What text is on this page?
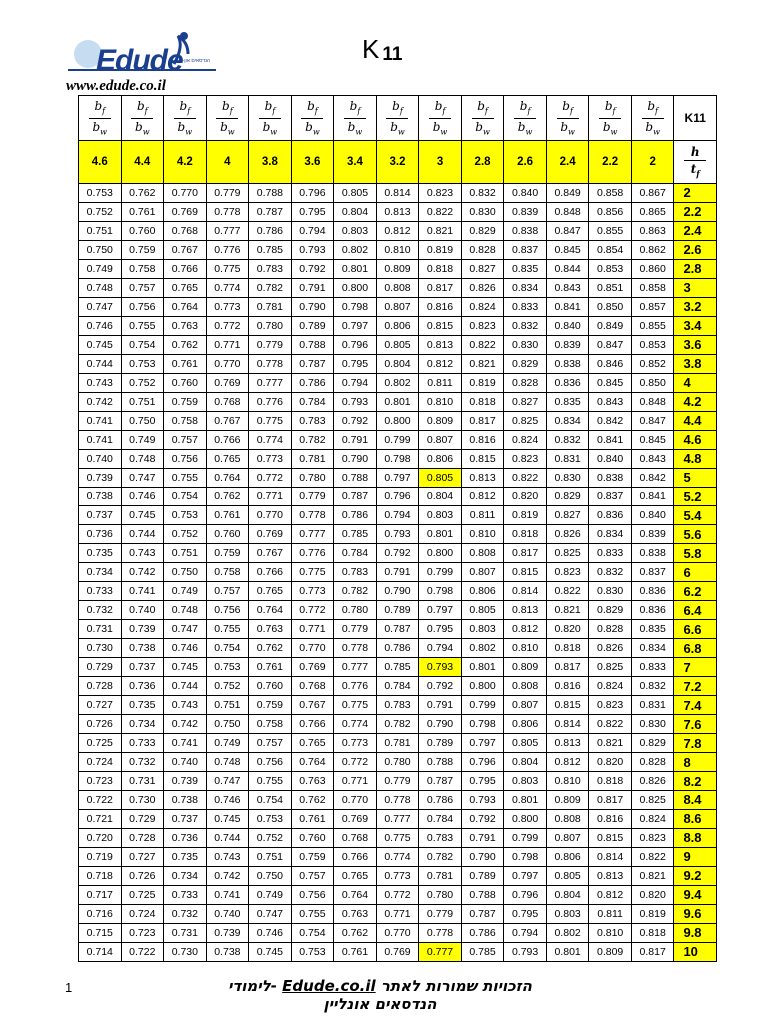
Edude
הנדסאים און-ליין
www.edude.co.il
K 11
$\frac{b_f}{b_w}$	$\frac{b_f}{b_w}$	$\frac{b_f}{b_w}$	$\frac{b_f}{b_w}$	$\frac{b_f}{b_w}$	$\frac{b_f}{b_w}$	$\frac{b_f}{b_w}$	$\frac{b_f}{b_w}$	$\frac{b_f}{b_w}$	$\frac{b_f}{b_w}$	$\frac{b_f}{b_w}$	$\frac{b_f}{b_w}$	$\frac{b_f}{b_w}$	$\frac{b_f}{b_w}$	K11
4.6	4.4	4.2	4	3.8	3.6	3.4	3.2	3	2.8	2.6	2.4	2.2	2	$\frac{h}{t_f}$

0.753	0.762	0.770	0.779	0.788	0.796	0.805	0.814	0.823	0.832	0.840	0.849	0.858	0.867	2
0.752	0.761	0.769	0.778	0.787	0.795	0.804	0.813	0.822	0.830	0.839	0.848	0.856	0.865	2.2
0.751	0.760	0.768	0.777	0.786	0.794	0.803	0.812	0.821	0.829	0.838	0.847	0.855	0.863	2.4
0.750	0.759	0.767	0.776	0.785	0.793	0.802	0.810	0.819	0.828	0.837	0.845	0.854	0.862	2.6
0.749	0.758	0.766	0.775	0.783	0.792	0.801	0.809	0.818	0.827	0.835	0.844	0.853	0.860	2.8
0.748	0.757	0.765	0.774	0.782	0.791	0.800	0.808	0.817	0.826	0.834	0.843	0.851	0.858	3
0.747	0.756	0.764	0.773	0.781	0.790	0.798	0.807	0.816	0.824	0.833	0.841	0.850	0.857	3.2
0.746	0.755	0.763	0.772	0.780	0.789	0.797	0.806	0.815	0.823	0.832	0.840	0.849	0.855	3.4
0.745	0.754	0.762	0.771	0.779	0.788	0.796	0.805	0.813	0.822	0.830	0.839	0.847	0.853	3.6
0.744	0.753	0.761	0.770	0.778	0.787	0.795	0.804	0.812	0.821	0.829	0.838	0.846	0.852	3.8
0.743	0.752	0.760	0.769	0.777	0.786	0.794	0.802	0.811	0.819	0.828	0.836	0.845	0.850	4
0.742	0.751	0.759	0.768	0.776	0.784	0.793	0.801	0.810	0.818	0.827	0.835	0.843	0.848	4.2
0.741	0.750	0.758	0.767	0.775	0.783	0.792	0.800	0.809	0.817	0.825	0.834	0.842	0.847	4.4
0.741	0.749	0.757	0.766	0.774	0.782	0.791	0.799	0.807	0.816	0.824	0.832	0.841	0.845	4.6
0.740	0.748	0.756	0.765	0.773	0.781	0.790	0.798	0.806	0.815	0.823	0.831	0.840	0.843	4.8
0.739	0.747	0.755	0.764	0.772	0.780	0.788	0.797	0.805	0.813	0.822	0.830	0.838	0.842	5
0.738	0.746	0.754	0.762	0.771	0.779	0.787	0.796	0.804	0.812	0.820	0.829	0.837	0.841	5.2
0.737	0.745	0.753	0.761	0.770	0.778	0.786	0.794	0.803	0.811	0.819	0.827	0.836	0.840	5.4
0.736	0.744	0.752	0.760	0.769	0.777	0.785	0.793	0.801	0.810	0.818	0.826	0.834	0.839	5.6
0.735	0.743	0.751	0.759	0.767	0.776	0.784	0.792	0.800	0.808	0.817	0.825	0.833	0.838	5.8
0.734	0.742	0.750	0.758	0.766	0.775	0.783	0.791	0.799	0.807	0.815	0.823	0.832	0.837	6
0.733	0.741	0.749	0.757	0.765	0.773	0.782	0.790	0.798	0.806	0.814	0.822	0.830	0.836	6.2
0.732	0.740	0.748	0.756	0.764	0.772	0.780	0.789	0.797	0.805	0.813	0.821	0.829	0.836	6.4
0.731	0.739	0.747	0.755	0.763	0.771	0.779	0.787	0.795	0.803	0.812	0.820	0.828	0.835	6.6
0.730	0.738	0.746	0.754	0.762	0.770	0.778	0.786	0.794	0.802	0.810	0.818	0.826	0.834	6.8
0.729	0.737	0.745	0.753	0.761	0.769	0.777	0.785	0.793	0.801	0.809	0.817	0.825	0.833	7
0.728	0.736	0.744	0.752	0.760	0.768	0.776	0.784	0.792	0.800	0.808	0.816	0.824	0.832	7.2
0.727	0.735	0.743	0.751	0.759	0.767	0.775	0.783	0.791	0.799	0.807	0.815	0.823	0.831	7.4
0.726	0.734	0.742	0.750	0.758	0.766	0.774	0.782	0.790	0.798	0.806	0.814	0.822	0.830	7.6
0.725	0.733	0.741	0.749	0.757	0.765	0.773	0.781	0.789	0.797	0.805	0.813	0.821	0.829	7.8
0.724	0.732	0.740	0.748	0.756	0.764	0.772	0.780	0.788	0.796	0.804	0.812	0.820	0.828	8
0.723	0.731	0.739	0.747	0.755	0.763	0.771	0.779	0.787	0.795	0.803	0.810	0.818	0.826	8.2
0.722	0.730	0.738	0.746	0.754	0.762	0.770	0.778	0.786	0.793	0.801	0.809	0.817	0.825	8.4
0.721	0.729	0.737	0.745	0.753	0.761	0.769	0.777	0.784	0.792	0.800	0.808	0.816	0.824	8.6
0.720	0.728	0.736	0.744	0.752	0.760	0.768	0.775	0.783	0.791	0.799	0.807	0.815	0.823	8.8
0.719	0.727	0.735	0.743	0.751	0.759	0.766	0.774	0.782	0.790	0.798	0.806	0.814	0.822	9
0.718	0.726	0.734	0.742	0.750	0.757	0.765	0.773	0.781	0.789	0.797	0.805	0.813	0.821	9.2
0.717	0.725	0.733	0.741	0.749	0.756	0.764	0.772	0.780	0.788	0.796	0.804	0.812	0.820	9.4
0.716	0.724	0.732	0.740	0.747	0.755	0.763	0.771	0.779	0.787	0.795	0.803	0.811	0.819	9.6
0.715	0.723	0.731	0.739	0.746	0.754	0.762	0.770	0.778	0.786	0.794	0.802	0.810	0.818	9.8
0.714	0.722	0.730	0.738	0.745	0.753	0.761	0.769	0.777	0.785	0.793	0.801	0.809	0.817	10
1	הזכויות שמורות לאתר Edude.co.il -לימודי הנדסאים אונליין
